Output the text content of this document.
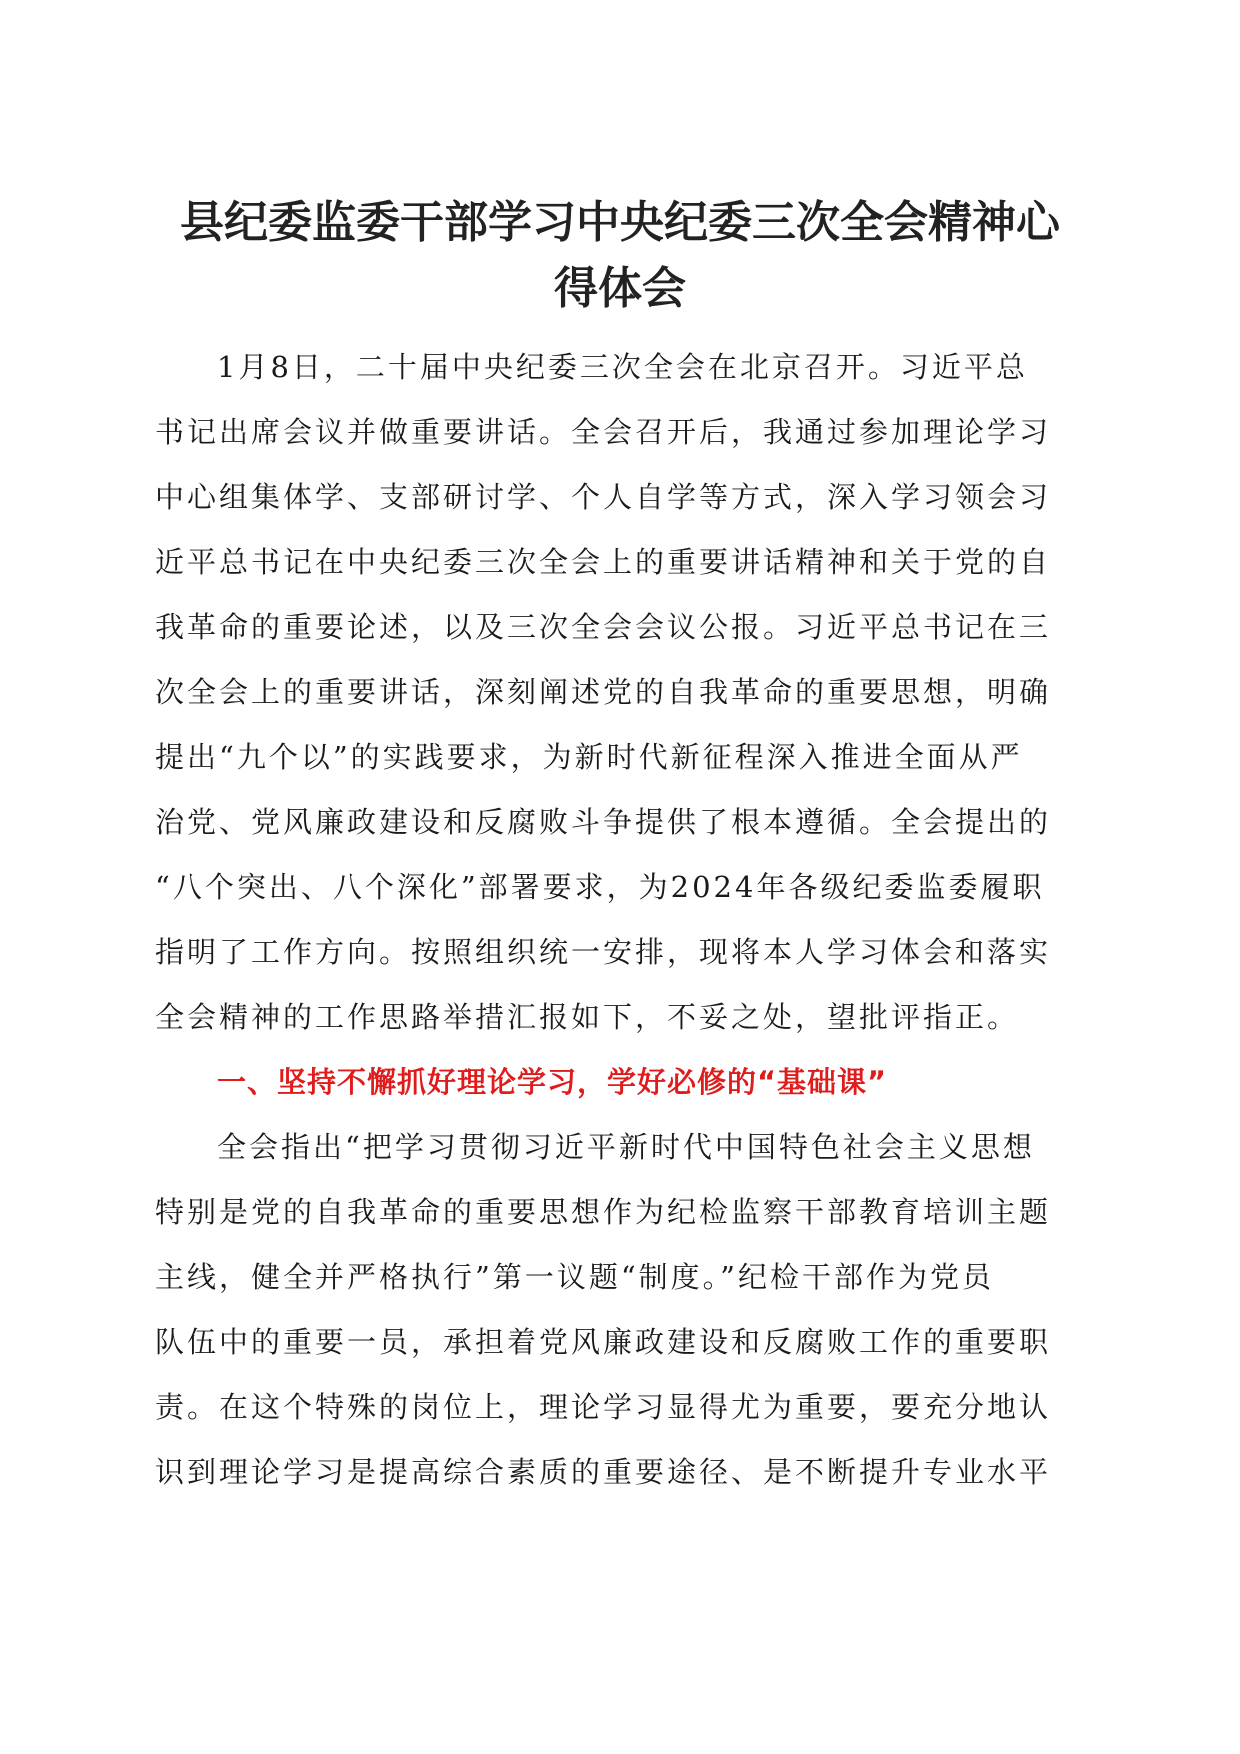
县纪委监委干部学习中央纪委三次全会精神心
得体会
1月8日，二十届中央纪委三次全会在北京召开。习近平总
书记出席会议并做重要讲话。全会召开后，我通过参加理论学习
中心组集体学、支部研讨学、个人自学等方式，深入学习领会习
近平总书记在中央纪委三次全会上的重要讲话精神和关于党的自
我革命的重要论述，以及三次全会会议公报。习近平总书记在三
次全会上的重要讲话，深刻阐述党的自我革命的重要思想，明确
提出“九个以”的实践要求，为新时代新征程深入推进全面从严
治党、党风廉政建设和反腐败斗争提供了根本遵循。全会提出的
“八个突出、八个深化”部署要求，为2024年各级纪委监委履职
指明了工作方向。按照组织统一安排，现将本人学习体会和落实
全会精神的工作思路举措汇报如下，不妥之处，望批评指正。
一、坚持不懈抓好理论学习，学好必修的“基础课”
全会指出“把学习贯彻习近平新时代中国特色社会主义思想
特别是党的自我革命的重要思想作为纪检监察干部教育培训主题
主线，健全并严格执行”第一议题“制度。”纪检干部作为党员
队伍中的重要一员，承担着党风廉政建设和反腐败工作的重要职
责。在这个特殊的岗位上，理论学习显得尤为重要，要充分地认
识到理论学习是提高综合素质的重要途径、是不断提升专业水平
